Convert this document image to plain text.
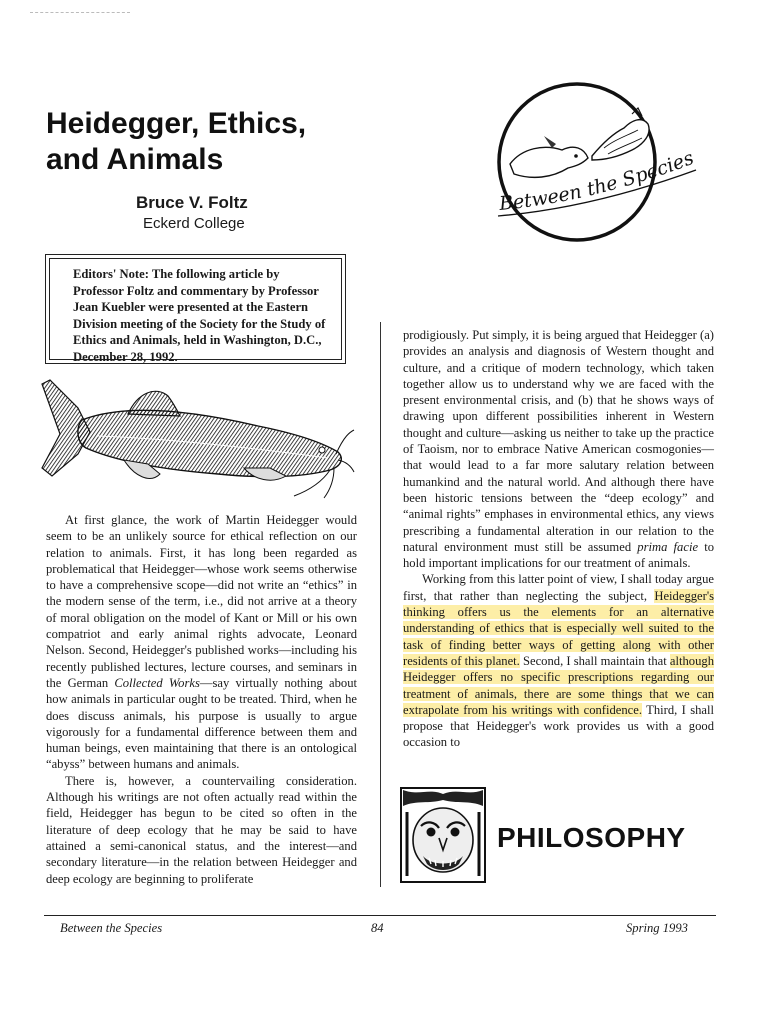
Heidegger, Ethics,
and Animals
Bruce V. Foltz
Eckerd College
Between the Species
Editors' Note: The following article by Professor Foltz and commentary by Professor Jean Kuebler were presented at the Eastern Division meeting of the Society for the Study of Ethics and Animals, held in Washington, D.C., December 28, 1992.

At first glance, the work of Martin Heidegger would seem to be an unlikely source for ethical reflection on our relation to animals. First, it has long been regarded as problematical that Heidegger—whose work seems otherwise to have a comprehensive scope—did not write an “ethics” in the modern sense of the term, i.e., did not arrive at a theory of moral obligation on the model of Kant or Mill or his own compatriot and early animal rights advocate, Leonard Nelson. Second, Heidegger's published works—including his recently published lectures, lecture courses, and seminars in the German Collected Works—say virtually nothing about how animals in particular ought to be treated. Third, when he does discuss animals, his purpose is usually to argue vigorously for a fundamental difference between them and human beings, even maintaining that there is an ontological “abyss” between humans and animals.

There is, however, a countervailing consideration. Although his writings are not often actually read within the field, Heidegger has begun to be cited so often in the literature of deep ecology that he may be said to have attained a semi-canonical status, and the interest—and secondary literature—in the relation between Heidegger and deep ecology are beginning to proliferate

prodigiously. Put simply, it is being argued that Heidegger (a) provides an analysis and diagnosis of Western thought and culture, and a critique of modern technology, which taken together allow us to understand why we are faced with the present environmental crisis, and (b) that he shows ways of drawing upon different possibilities inherent in Western thought and culture—asking us neither to take up the practice of Taoism, nor to embrace Native American cosmogonies—that would lead to a far more salutary relation between humankind and the natural world. And although there have been historic tensions between the “deep ecology” and “animal rights” emphases in environmental ethics, any views prescribing a fundamental alteration in our relation to the natural environment must still be assumed prima facie to hold important implications for our treatment of animals.

Working from this latter point of view, I shall today argue first, that rather than neglecting the subject, Heidegger's thinking offers us the elements for an alternative understanding of ethics that is especially well suited to the task of finding better ways of getting along with other residents of this planet. Second, I shall maintain that although Heidegger offers no specific prescriptions regarding our treatment of animals, there are some things that we can extrapolate from his writings with confidence. Third, I shall propose that Heidegger's work provides us with a good occasion to

PHILOSOPHY
Between the Species	84	Spring 1993
